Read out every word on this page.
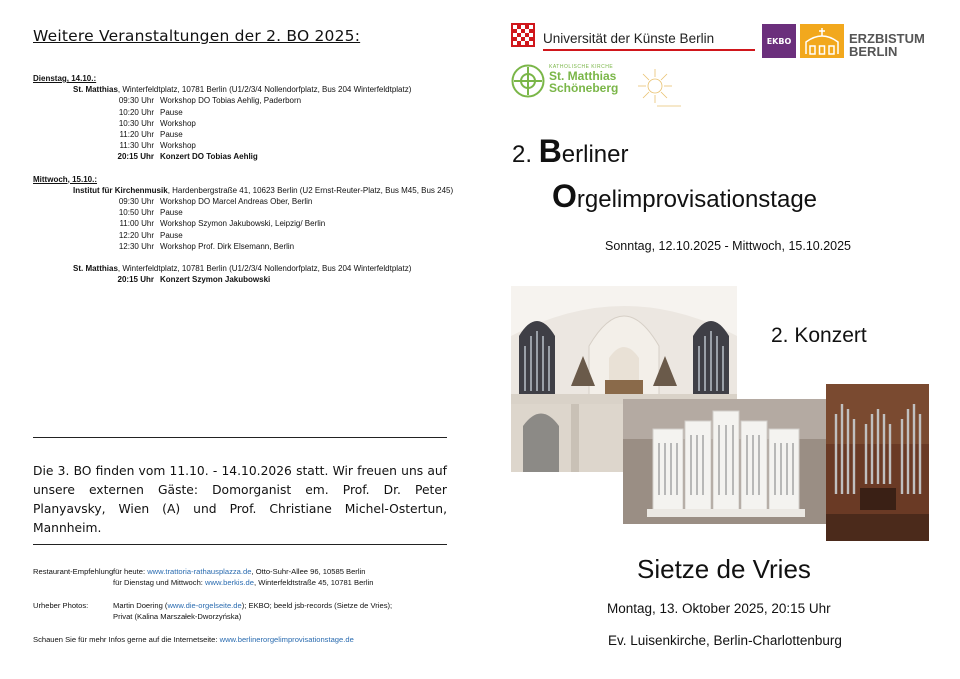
Weitere Veranstaltungen der 2. BO 2025:
Dienstag, 14.10.:
St. Matthias, Winterfeldtplatz, 10781 Berlin (U1/2/3/4 Nollendorfplatz, Bus 204 Winterfeldtplatz)
09:30 Uhr Workshop DO Tobias Aehlig, Paderborn
10:20 Uhr Pause
10:30 Uhr Workshop
11:20 Uhr Pause
11:30 Uhr Workshop
20:15 Uhr Konzert DO Tobias Aehlig
Mittwoch, 15.10.:
Institut für Kirchenmusik, Hardenbergstraße 41, 10623 Berlin (U2 Ernst-Reuter-Platz, Bus M45, Bus 245)
09:30 Uhr Workshop DO Marcel Andreas Ober, Berlin
10:50 Uhr Pause
11:00 Uhr Workshop Szymon Jakubowski, Leipzig/ Berlin
12:20 Uhr Pause
12:30 Uhr Workshop Prof. Dirk Elsemann, Berlin
St. Matthias, Winterfeldtplatz, 10781 Berlin (U1/2/3/4 Nollendorfplatz, Bus 204 Winterfeldtplatz)
20:15 Uhr Konzert Szymon Jakubowski
Die 3. BO finden vom 11.10. - 14.10.2026 statt. Wir freuen uns auf unsere externen Gäste: Domorganist em. Prof. Dr. Peter Planyavsky, Wien (A) und Prof. Christiane Michel-Ostertun, Mannheim.
Restaurant-Empfehlungfür heute: www.trattoria-rathausplazza.de, Otto-Suhr-Allee 96, 10585 Berlin
für Dienstag und Mittwoch: www.berkis.de, Winterfeldtstraße 45, 10781 Berlin
Urheber Photos:	Martin Doering (www.die-orgelseite.de); EKBO; beeld jsb-records (Sietze de Vries);
Privat (Kalina Marszałek-Dworzyńska)
Schauen Sie für mehr Infos gerne auf die Internetseite: www.berlinerorgelimprovisationstage.de
Universität der Künste Berlin	EKBO	ERZBISTUM
BERLIN
KATHOLISCHE KIRCHE
St. Matthias
Schöneberg
2. Berliner
Orgelimprovisationstage
Sonntag, 12.10.2025 - Mittwoch, 15.10.2025
2. Konzert
Sietze de Vries
Montag, 13. Oktober 2025, 20:15 Uhr
Ev. Luisenkirche, Berlin-Charlottenburg
